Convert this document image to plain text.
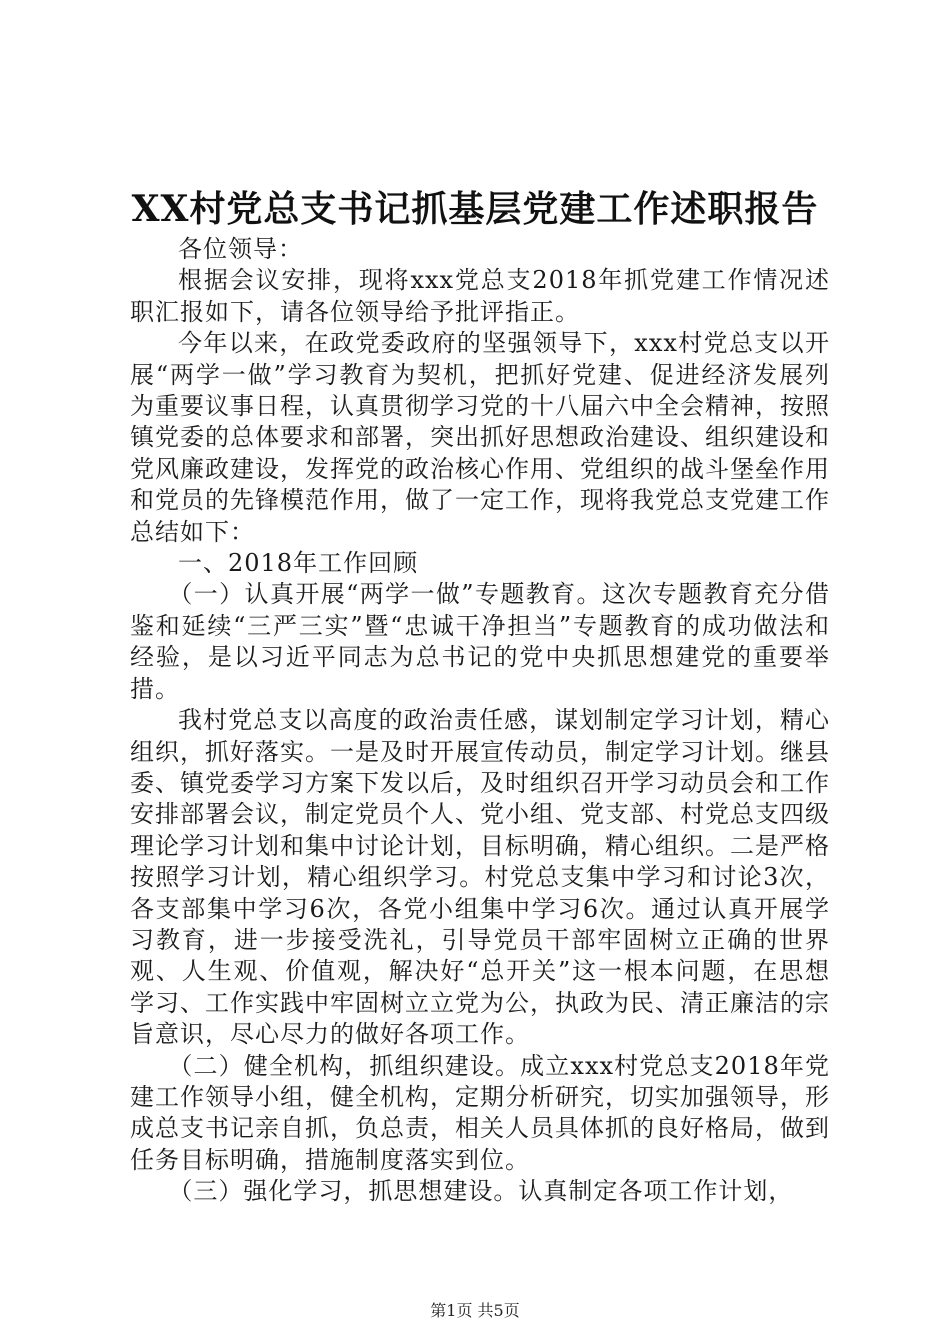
XX村党总支书记抓基层党建工作述职报告

各位领导：

根据会议安排，现将xxx党总支2018年抓党建工作情况述职汇报如下，请各位领导给予批评指正。

今年以来，在政党委政府的坚强领导下，xxx村党总支以开展“两学一做”学习教育为契机，把抓好党建、促进经济发展列为重要议事日程，认真贯彻学习党的十八届六中全会精神，按照镇党委的总体要求和部署，突出抓好思想政治建设、组织建设和党风廉政建设，发挥党的政治核心作用、党组织的战斗堡垒作用和党员的先锋模范作用，做了一定工作，现将我党总支党建工作总结如下：

一、2018年工作回顾

（一）认真开展“两学一做”专题教育。这次专题教育充分借鉴和延续“三严三实”暨“忠诚干净担当”专题教育的成功做法和经验，是以习近平同志为总书记的党中央抓思想建党的重要举措。

我村党总支以高度的政治责任感，谋划制定学习计划，精心组织，抓好落实。一是及时开展宣传动员，制定学习计划。继县委、镇党委学习方案下发以后，及时组织召开学习动员会和工作安排部署会议，制定党员个人、党小组、党支部、村党总支四级理论学习计划和集中讨论计划，目标明确，精心组织。二是严格按照学习计划，精心组织学习。村党总支集中学习和讨论3次，各支部集中学习6次，各党小组集中学习6次。通过认真开展学习教育，进一步接受洗礼，引导党员干部牢固树立正确的世界观、人生观、价值观，解决好“总开关”这一根本问题，在思想学习、工作实践中牢固树立立党为公，执政为民、清正廉洁的宗旨意识，尽心尽力的做好各项工作。

（二）健全机构，抓组织建设。成立xxx村党总支2018年党建工作领导小组，健全机构，定期分析研究，切实加强领导，形成总支书记亲自抓，负总责，相关人员具体抓的良好格局，做到任务目标明确，措施制度落实到位。

（三）强化学习，抓思想建设。认真制定各项工作计划，

第1页 共5页
